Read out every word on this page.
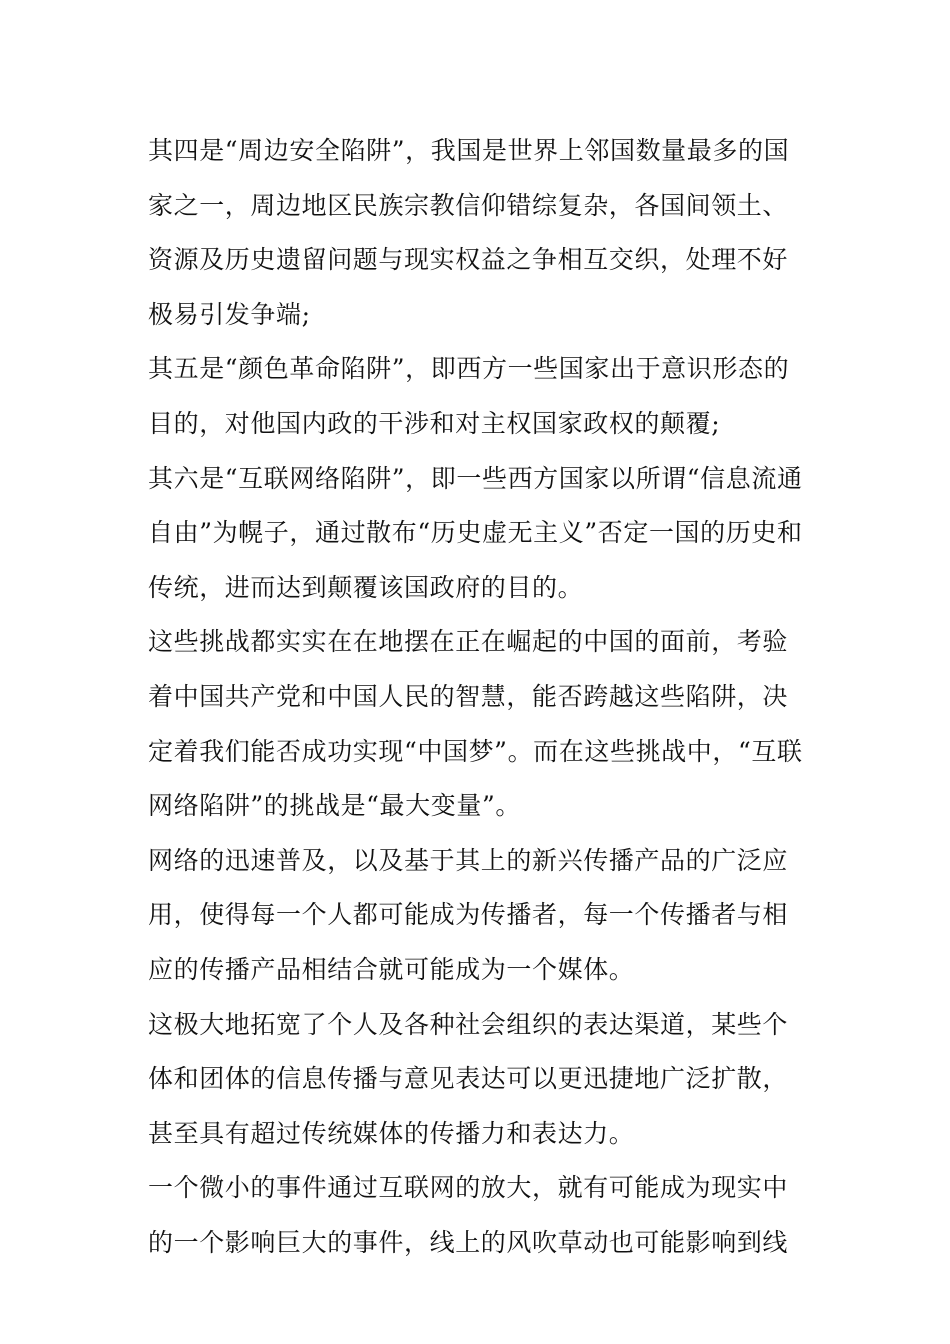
其四是“周边安全陷阱”，我国是世界上邻国数量最多的国家之一，周边地区民族宗教信仰错综复杂，各国间领土、资源及历史遗留问题与现实权益之争相互交织，处理不好极易引发争端;

其五是“颜色革命陷阱”，即西方一些国家出于意识形态的目的，对他国内政的干涉和对主权国家政权的颠覆;

其六是“互联网络陷阱”，即一些西方国家以所谓“信息流通自由”为幌子，通过散布“历史虚无主义”否定一国的历史和传统，进而达到颠覆该国政府的目的。

这些挑战都实实在在地摆在正在崛起的中国的面前，考验着中国共产党和中国人民的智慧，能否跨越这些陷阱，决定着我们能否成功实现“中国梦”。而在这些挑战中，“互联网络陷阱”的挑战是“最大变量”。

网络的迅速普及，以及基于其上的新兴传播产品的广泛应用，使得每一个人都可能成为传播者，每一个传播者与相应的传播产品相结合就可能成为一个媒体。

这极大地拓宽了个人及各种社会组织的表达渠道，某些个体和团体的信息传播与意见表达可以更迅捷地广泛扩散，甚至具有超过传统媒体的传播力和表达力。

一个微小的事件通过互联网的放大，就有可能成为现实中的一个影响巨大的事件，线上的风吹草动也可能影响到线
